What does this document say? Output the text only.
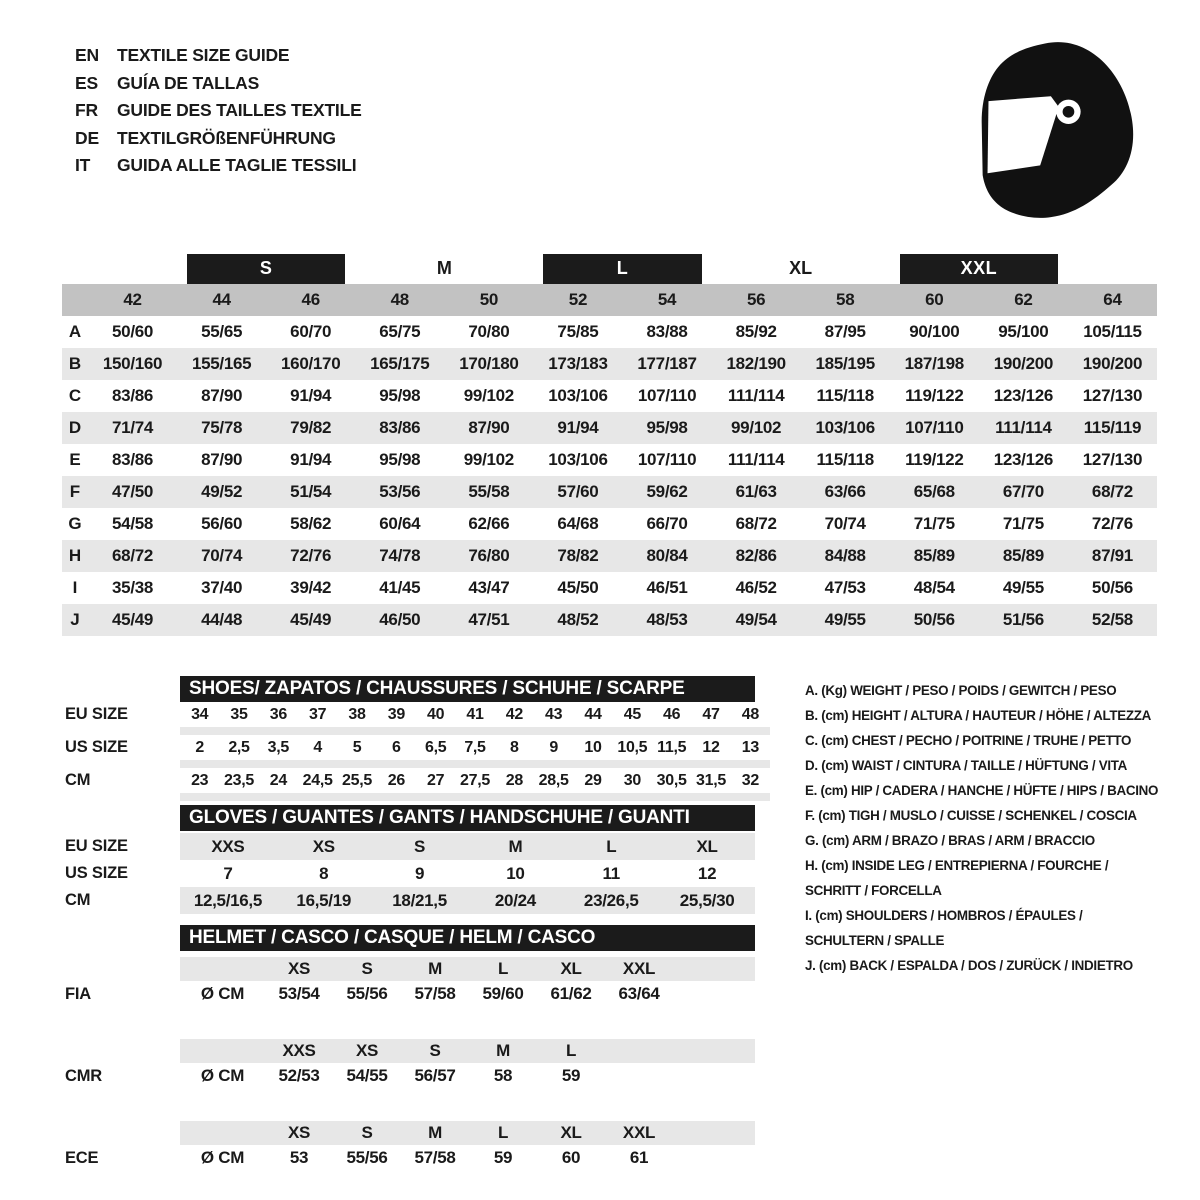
EN	TEXTILE SIZE GUIDE
ES	GUÍA DE TALLAS
FR	GUIDE DES TAILLES TEXTILE
DE	TEXTILGRÖßENFÜHRUNG
IT	GUIDA ALLE TAGLIE TESSILI
S	M	L	XL	XXL
42	44	46	48	50	52	54	56	58	60	62	64
A	50/60	55/65	60/70	65/75	70/80	75/85	83/88	85/92	87/95	90/100	95/100	105/115
B	150/160	155/165	160/170	165/175	170/180	173/183	177/187	182/190	185/195	187/198	190/200	190/200
C	83/86	87/90	91/94	95/98	99/102	103/106	107/110	111/114	115/118	119/122	123/126	127/130
D	71/74	75/78	79/82	83/86	87/90	91/94	95/98	99/102	103/106	107/110	111/114	115/119
E	83/86	87/90	91/94	95/98	99/102	103/106	107/110	111/114	115/118	119/122	123/126	127/130
F	47/50	49/52	51/54	53/56	55/58	57/60	59/62	61/63	63/66	65/68	67/70	68/72
G	54/58	56/60	58/62	60/64	62/66	64/68	66/70	68/72	70/74	71/75	71/75	72/76
H	68/72	70/74	72/76	74/78	76/80	78/82	80/84	82/86	84/88	85/89	85/89	87/91
I	35/38	37/40	39/42	41/45	43/47	45/50	46/51	46/52	47/53	48/54	49/55	50/56
J	45/49	44/48	45/49	46/50	47/51	48/52	48/53	49/54	49/55	50/56	51/56	52/58
SHOES/ ZAPATOS / CHAUSSURES / SCHUHE / SCARPE
EU SIZE	34	35	36	37	38	39	40	41	42	43	44	45	46	47	48
US SIZE	2	2,5	3,5	4	5	6	6,5	7,5	8	9	10 10,5 11,5	12	13
CM	23 23,5 24 24,5 25,5 26	27 27,5 28 28,5 29	30 30,5 31,5 32
GLOVES / GUANTES / GANTS / HANDSCHUHE / GUANTI
EU SIZE	XXS	XS	S	M	L	XL
US SIZE	7	8	9	10	11	12
CM	12,5/16,5	16,5/19	18/21,5	20/24	23/26,5	25,5/30
HELMET / CASCO / CASQUE / HELM / CASCO
XS	S	M	L	XL	XXL
FIA	Ø CM	53/54	55/56	57/58	59/60	61/62	63/64
XXS	XS	S	M	L
CMR	Ø CM	52/53	54/55	56/57	58	59
XS	S	M	L	XL	XXL
ECE	Ø CM	53	55/56	57/58	59	60	61
A. (Kg) WEIGHT / PESO / POIDS / GEWITCH / PESO
B. (cm) HEIGHT / ALTURA / HAUTEUR / HÖHE / ALTEZZA
C. (cm) CHEST / PECHO / POITRINE / TRUHE / PETTO
D. (cm) WAIST / CINTURA / TAILLE / HÜFTUNG / VITA
E. (cm) HIP / CADERA / HANCHE / HÜFTE / HIPS / BACINO
F. (cm) TIGH / MUSLO / CUISSE / SCHENKEL / COSCIA
G. (cm) ARM / BRAZO / BRAS / ARM / BRACCIO
H. (cm) INSIDE LEG / ENTREPIERNA / FOURCHE /
SCHRITT / FORCELLA
I. (cm) SHOULDERS / HOMBROS / ÉPAULES /
SCHULTERN / SPALLE
J. (cm) BACK / ESPALDA / DOS / ZURÜCK / INDIETRO
